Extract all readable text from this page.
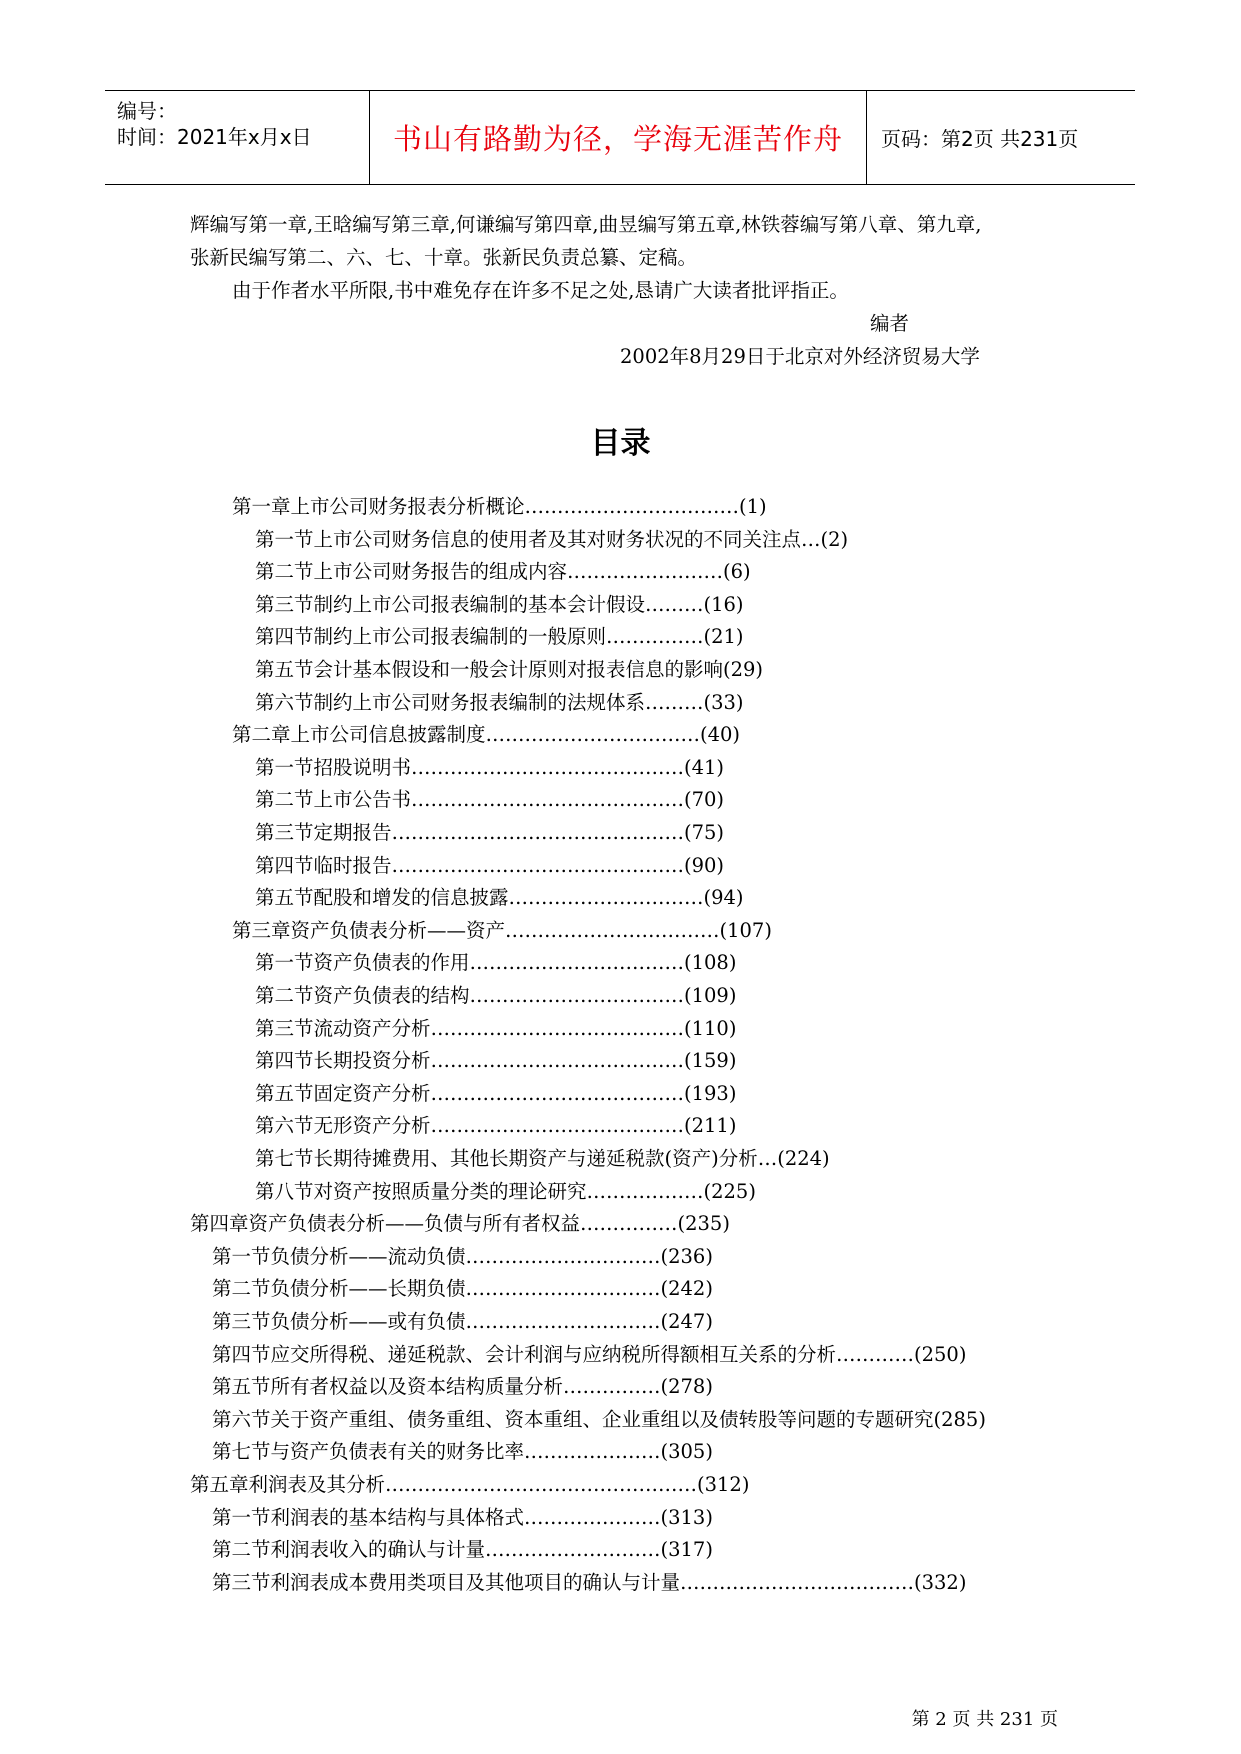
编号：
时间：2021年x月x日	书山有路勤为径，学海无涯苦作舟	页码：第2页 共231页
辉编写第一章,王晗编写第三章,何谦编写第四章,曲昱编写第五章,林铁蓉编写第八章、第九章,
张新民编写第二、六、七、十章。张新民负责总纂、定稿。
由于作者水平所限,书中难免存在许多不足之处,恳请广大读者批评指正。
编者
2002年8月29日于北京对外经济贸易大学
目录
第一章上市公司财务报表分析概论……………………………(1)
第一节上市公司财务信息的使用者及其对财务状况的不同关注点…(2)
第二节上市公司财务报告的组成内容……………………(6)
第三节制约上市公司报表编制的基本会计假设………(16)
第四节制约上市公司报表编制的一般原则……………(21)
第五节会计基本假设和一般会计原则对报表信息的影响(29)
第六节制约上市公司财务报表编制的法规体系………(33)
第二章上市公司信息披露制度……………………………(40)
第一节招股说明书……………………………………(41)
第二节上市公告书……………………………………(70)
第三节定期报告………………………………………(75)
第四节临时报告………………………………………(90)
第五节配股和增发的信息披露…………………………(94)
第三章资产负债表分析——资产……………………………(107)
第一节资产负债表的作用……………………………(108)
第二节资产负债表的结构……………………………(109)
第三节流动资产分析…………………………………(110)
第四节长期投资分析…………………………………(159)
第五节固定资产分析…………………………………(193)
第六节无形资产分析…………………………………(211)
第七节长期待摊费用、其他长期资产与递延税款(资产)分析…(224)
第八节对资产按照质量分类的理论研究………………(225)
第四章资产负债表分析——负债与所有者权益……………(235)
第一节负债分析——流动负债…………………………(236)
第二节负债分析——长期负债…………………………(242)
第三节负债分析——或有负债…………………………(247)
第四节应交所得税、递延税款、会计利润与应纳税所得额相互关系的分析…………(250)
第五节所有者权益以及资本结构质量分析……………(278)
第六节关于资产重组、债务重组、资本重组、企业重组以及债转股等问题的专题研究(285)
第七节与资产负债表有关的财务比率…………………(305)
第五章利润表及其分析…………………………………………(312)
第一节利润表的基本结构与具体格式…………………(313)
第二节利润表收入的确认与计量………………………(317)
第三节利润表成本费用类项目及其他项目的确认与计量………………………………(332)
第 2 页 共 231 页
